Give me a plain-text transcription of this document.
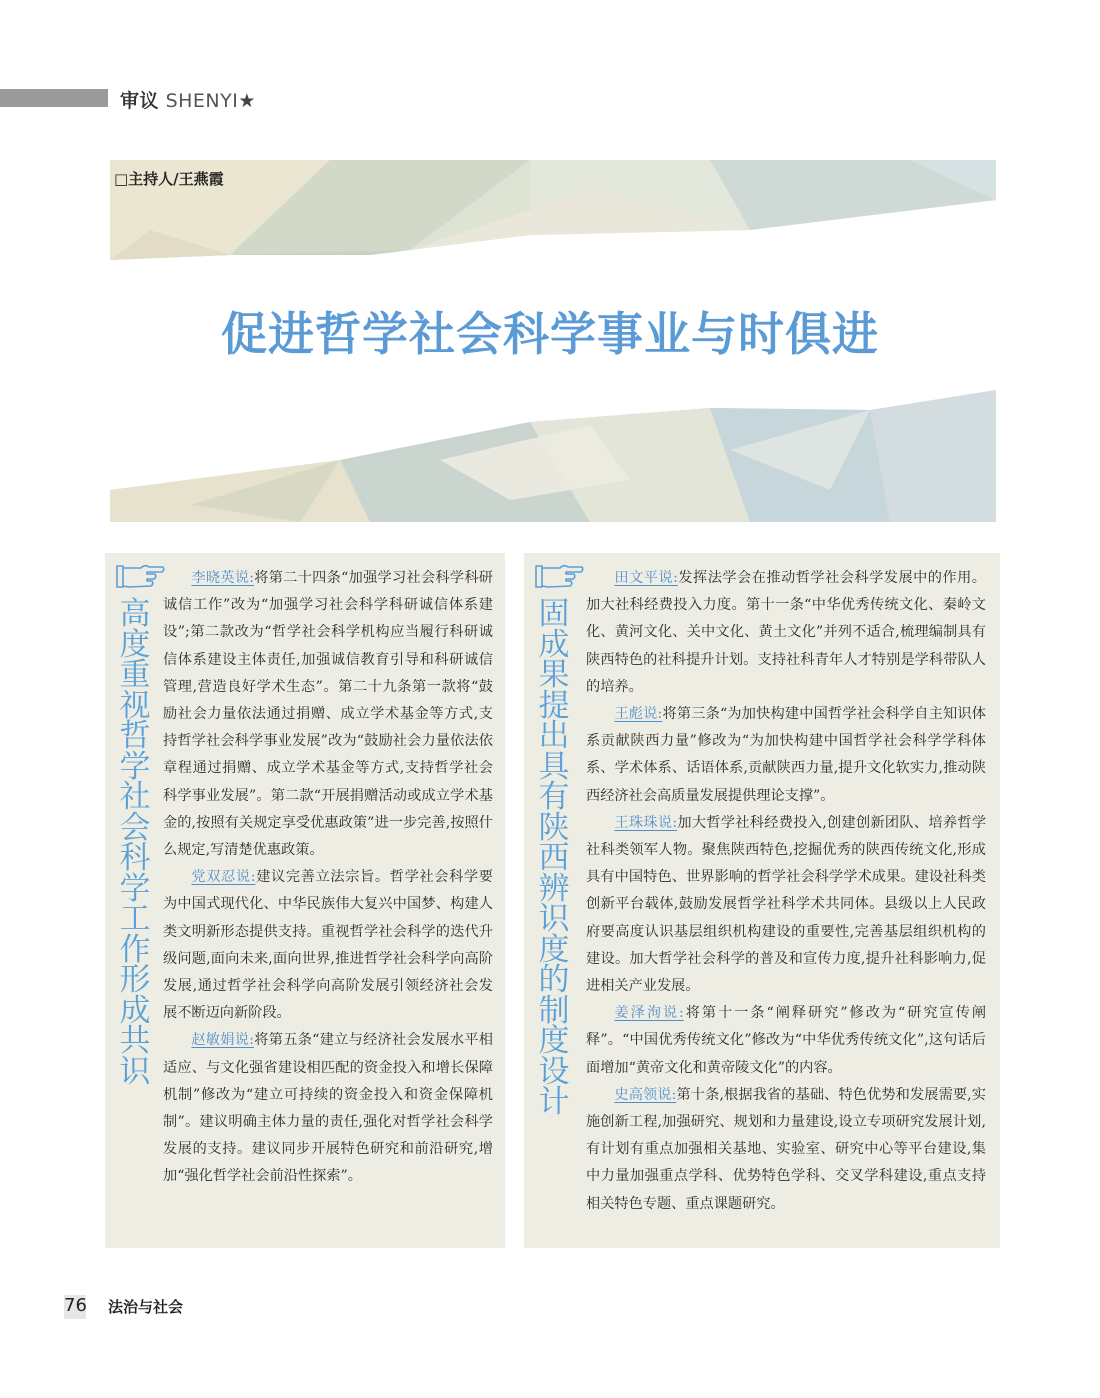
审议 SHENYI★
□主持人/王燕霞
促进哲学社会科学事业与时俱进
高度重视哲学社会科学工作形成共识

李晓英说:将第二十四条“加强学习社会科学科研诚信工作”改为“加强学习社会科学科研诚信体系建设”;第二款改为“哲学社会科学机构应当履行科研诚信体系建设主体责任,加强诚信教育引导和科研诚信管理,营造良好学术生态”。第二十九条第一款将“鼓励社会力量依法通过捐赠、成立学术基金等方式,支持哲学社会科学事业发展”改为“鼓励社会力量依法依章程通过捐赠、成立学术基金等方式,支持哲学社会科学事业发展”。第二款“开展捐赠活动或成立学术基金的,按照有关规定享受优惠政策”进一步完善,按照什么规定,写清楚优惠政策。

党双忍说:建议完善立法宗旨。哲学社会科学要为中国式现代化、中华民族伟大复兴中国梦、构建人类文明新形态提供支持。重视哲学社会科学的迭代升级问题,面向未来,面向世界,推进哲学社会科学向高阶发展,通过哲学社会科学向高阶发展引领经济社会发展不断迈向新阶段。

赵敏娟说:将第五条“建立与经济社会发展水平相适应、与文化强省建设相匹配的资金投入和增长保障机制”修改为“建立可持续的资金投入和资金保障机制”。建议明确主体力量的责任,强化对哲学社会科学发展的支持。建议同步开展特色研究和前沿研究,增加“强化哲学社会前沿性探索”。

固成果提出具有陕西辨识度的制度设计

田文平说:发挥法学会在推动哲学社会科学发展中的作用。加大社科经费投入力度。第十一条“中华优秀传统文化、秦岭文化、黄河文化、关中文化、黄土文化”并列不适合,梳理编制具有陕西特色的社科提升计划。支持社科青年人才特别是学科带队人的培养。

王彪说:将第三条“为加快构建中国哲学社会科学自主知识体系贡献陕西力量”修改为“为加快构建中国哲学社会科学学科体系、学术体系、话语体系,贡献陕西力量,提升文化软实力,推动陕西经济社会高质量发展提供理论支撑”。

王珠珠说:加大哲学社科经费投入,创建创新团队、培养哲学社科类领军人物。聚焦陕西特色,挖掘优秀的陕西传统文化,形成具有中国特色、世界影响的哲学社会科学学术成果。建设社科类创新平台载体,鼓励发展哲学社科学术共同体。县级以上人民政府要高度认识基层组织机构建设的重要性,完善基层组织机构的建设。加大哲学社会科学的普及和宣传力度,提升社科影响力,促进相关产业发展。

姜泽洵说:将第十一条“阐释研究”修改为“研究宣传阐释”。“中国优秀传统文化”修改为“中华优秀传统文化”,这句话后面增加“黄帝文化和黄帝陵文化”的内容。

史高领说:第十条,根据我省的基础、特色优势和发展需要,实施创新工程,加强研究、规划和力量建设,设立专项研究发展计划,有计划有重点加强相关基地、实验室、研究中心等平台建设,集中力量加强重点学科、优势特色学科、交叉学科建设,重点支持相关特色专题、重点课题研究。

76 法治与社会
